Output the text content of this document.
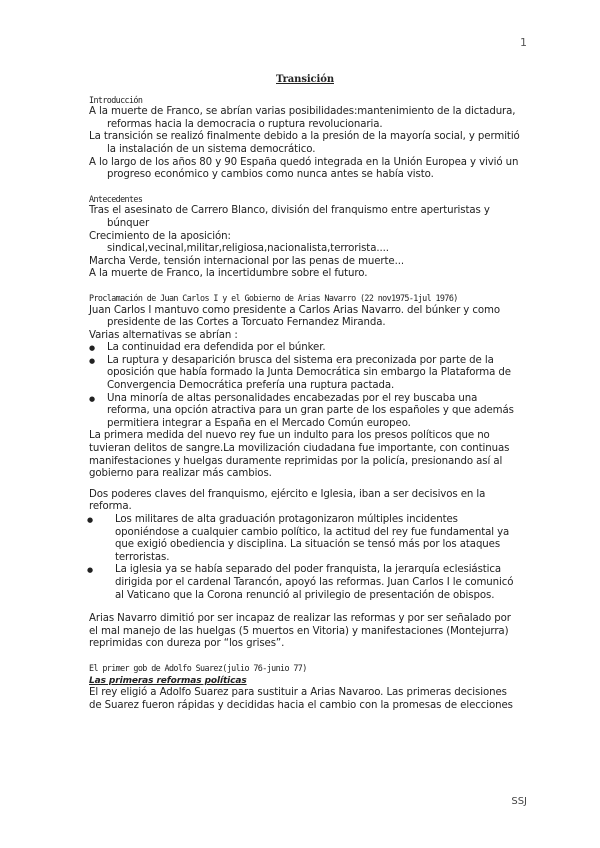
1

Transición

Introducción

A la muerte de Franco, se abrían varias posibilidades:mantenimiento de la dictadura, reformas hacia la democracia o ruptura revolucionaria.

La transición se realizó finalmente debido a la presión de la mayoría social, y permitió la instalación de un sistema democrático.

A lo largo de los años 80 y 90 España quedó integrada en la Unión Europea y vivió un progreso económico y cambios como nunca antes se había visto.

Antecedentes

Tras el asesinato de Carrero Blanco, división del franquismo entre aperturistas y búnquer

Crecimiento de la aposición:

sindical,vecinal,militar,religiosa,nacionalista,terrorista....

Marcha Verde, tensión internacional por las penas de muerte...

A la muerte de Franco, la incertidumbre sobre el futuro.

Proclamación de Juan Carlos I y el Gobierno de Arias Navarro (22 nov1975-1jul 1976)

Juan Carlos I mantuvo como presidente a Carlos Arias Navarro. del búnker y como presidente de las Cortes a Torcuato Fernandez Miranda.

Varias alternativas se abrían :

● La continuidad era defendida por el búnker.
● La ruptura y desaparición brusca del sistema era preconizada por parte de la oposición que había formado la Junta Democrática sin embargo la Plataforma de Convergencia Democrática prefería una ruptura pactada.
● Una minoría de altas personalidades encabezadas por el rey buscaba una reforma, una opción atractiva para un gran parte de los españoles y que además permitiera integrar a España en el Mercado Común europeo.

La primera medida del nuevo rey fue un indulto para los presos políticos que no tuvieran delitos de sangre.La movilización ciudadana fue importante, con continuas manifestaciones y huelgas duramente reprimidas por la policía, presionando así al gobierno para realizar más cambios.

Dos poderes claves del franquismo, ejército e Iglesia, iban a ser decisivos en la reforma.

● Los militares de alta graduación protagonizaron múltiples incidentes oponiéndose a cualquier cambio político, la actitud del rey fue fundamental ya que exigió obediencia y disciplina. La situación se tensó más por los ataques terroristas.
● La iglesia ya se había separado del poder franquista, la jerarquía eclesiástica dirigida por el cardenal Tarancón, apoyó las reformas. Juan Carlos I le comunicó al Vaticano que la Corona renunció al privilegio de presentación de obispos.

Arias Navarro dimitió por ser incapaz de realizar las reformas y por ser señalado por el mal manejo de las huelgas (5 muertos en Vitoria) y manifestaciones (Montejurra) reprimidas con dureza por “los grises”.

El primer gob de Adolfo Suarez(julio 76-junio 77)

Las primeras reformas políticas

El rey eligió a Adolfo Suarez para sustituir a Arias Navaroo. Las primeras decisiones de Suarez fueron rápidas y decididas hacia el cambio con la promesas de elecciones

SSJ
